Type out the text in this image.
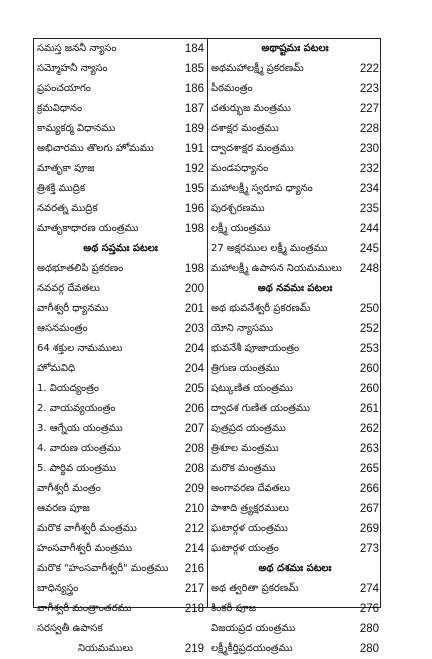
సమస్త జననీ న్యాసం	184
సమ్మోహనీ న్యాసం	185
ప్రపంచయాగం	186
క్రమవిధానం	187
కామ్యకర్మ విధానము	189
అభిచారము తొలగు హోమము	191
మాతృకా పూజ	192
త్రిశక్తి ముద్రిక	195
నవరత్న ముద్రిక	196
మాతృకాధారణ యంత్రము	198
అథ సప్తమః పటలః
అథభూతలిపి ప్రకరణం	198
నవవర్గ దేవతలు	200
వాగీశ్వరీ ధ్యానము	201
ఆసనమంత్రం	203
64 శక్తుల నామములు	204
హోమవిధి	204
1. వియద్యంత్రం	205
2. వాయవ్యయంత్రం	206
3. ఆగ్నేయ యంత్రము	207
4. వారుణ యంత్రము	208
5. పార్థివ యంత్రము	208
వాగీశ్వరీ మంత్రం	209
ఆవరణ పూజ	210
మరొక వాగీశ్వరీ మంత్రము	212
హంసవాగీశ్వరీ మంత్రము	214
మరొక "హంసవాగీశ్వరీ" మంత్రము	216
బాధిన్యస్త్రం	217
వాగీశ్వరీ మంత్రాంతరము	218
సరస్వతీ ఉపాసక
నియమములు	219
అథాష్టమః పటలః
అథమహాలక్ష్మీ ప్రకరణమ్	222
పీఠమంత్రం	223
చతుర్భుజ మంత్రము	227
దశాక్షర మంత్రము	228
ద్వాదశాక్షర మంత్రము	230
మండపధ్యానం	232
మహాలక్ష్మీ స్వరూప ధ్యానం	234
పురశ్చరణము	235
లక్ష్మీ యంత్రము	244
27 అక్షరముల లక్ష్మీ మంత్రము	245
మహాలక్ష్మీ ఉపాసన నియమములు	248
అథ నవమః పటలః
అథ భువనేశ్వరీ ప్రకరణమ్	250
యోని న్యాసము	252
భువనేశీ పూజాయంత్రం	253
త్రిగుణ యంత్రము	260
షట్కుణిత యంత్రము	260
ద్వాదశ గుణిత యంత్రము	261
పుత్రప్రద యంత్రము	262
త్రిశూల మంత్రము	263
మరొక మంత్రము	265
అంగావరణ దేవతలు	266
పాశాది త్ర్యక్షరములు	267
ఘటార్గళ యంత్రము	269
ఘటార్గళ యంత్రం	273
అథ దశమః పటలః
అథ త్వరితా ప్రకరణమ్	274
కింకరీ పూజ	276
విజయప్రద యంత్రము	280
లక్ష్మీకీర్తిప్రదయంత్రము	280
